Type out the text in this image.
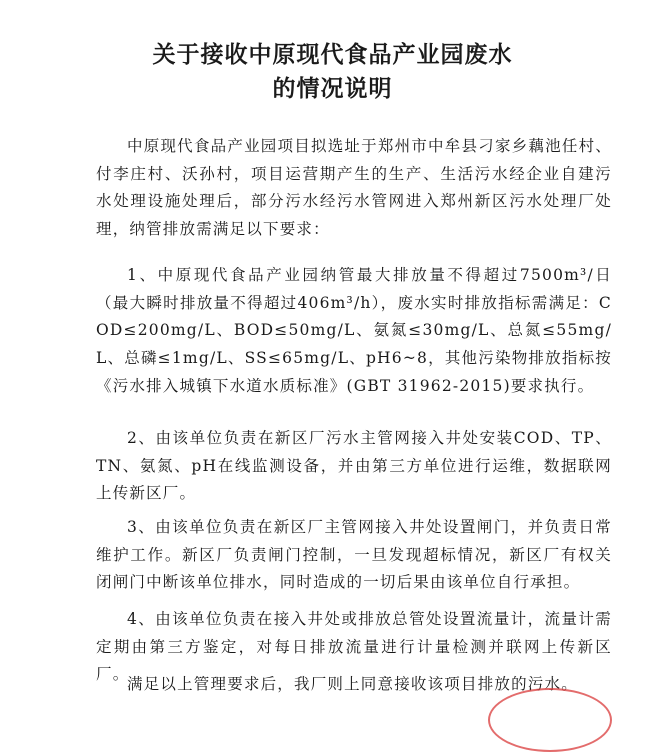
关于接收中原现代食品产业园废水
的情况说明

中原现代食品产业园项目拟选址于郑州市中牟县刁家乡藕池任村、付李庄村、沃孙村，项目运营期产生的生产、生活污水经企业自建污水处理设施处理后，部分污水经污水管网进入郑州新区污水处理厂处理，纳管排放需满足以下要求：

1、中原现代食品产业园纳管最大排放量不得超过7500m³/日（最大瞬时排放量不得超过406m³/h），废水实时排放指标需满足：COD≤200mg/L、BOD≤50mg/L、氨氮≤30mg/L、总氮≤55mg/L、总磷≤1mg/L、SS≤65mg/L、pH6~8，其他污染物排放指标按《污水排入城镇下水道水质标准》(GBT 31962-2015)要求执行。

2、由该单位负责在新区厂污水主管网接入井处安装COD、TP、TN、氨氮、pH在线监测设备，并由第三方单位进行运维，数据联网上传新区厂。

3、由该单位负责在新区厂主管网接入井处设置闸门，并负责日常维护工作。新区厂负责闸门控制，一旦发现超标情况，新区厂有权关闭闸门中断该单位排水，同时造成的一切后果由该单位自行承担。

4、由该单位负责在接入井处或排放总管处设置流量计，流量计需定期由第三方鉴定，对每日排放流量进行计量检测并联网上传新区厂。

满足以上管理要求后，我厂则上同意接收该项目排放的污水。
